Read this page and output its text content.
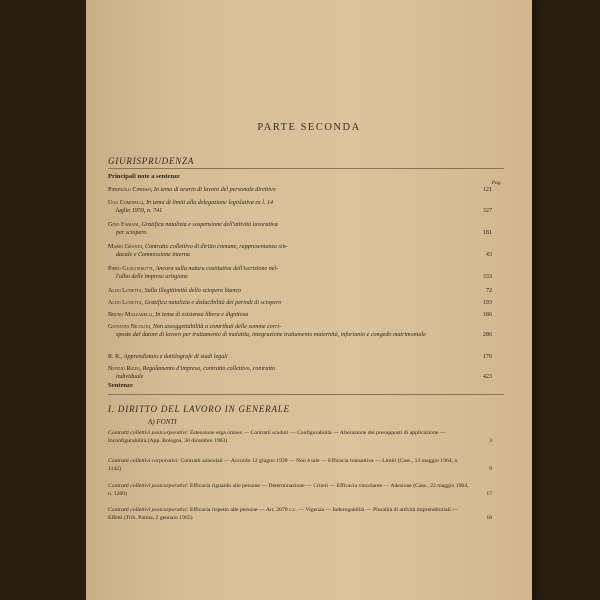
PARTE SECONDA
GIURISPRUDENZA
Principali note a sentenze
Pag.
Pierpaolo Cipressi, In tema di orario di lavoro del personale direttivo	121
Ugo Cominelli, In tema di limiti alla delegazione legislativa ex l. 14
luglio 1959, n. 741	327
Gino Fabiani, Gratifica natalizia e sospensione dell'attività lavorativa
per sciopero	181
Mario Grandi, Contratto collettivo di diritto comune, rappresentanza sin-
dacale e Commissione interna	43
Piero Gualtierotti, Ancora sulla natura costitutiva dell'iscrizione nel-
l'albo delle imprese artigiane	333
Aldo Lunetta, Sulla illegittimità dello sciopero bianco	72
Aldo Lunetta, Gratifica natalizia e deducibilità dei periodi di sciopero	193
Bruno Mazzarelli, In tema di esistenza libera e dignitosa	186
Giovanni Nicolini, Non assoggettabilità a contributi delle somme corri-
sposte dal datore di lavoro per trattamento di malattia, integrazione trattamento maternità, infortunio e congedo matrimoniale	286
R. R., Apprendistato e dattilografe di studi legali	176
Nunzio Rizzo, Regolamento d'impresa, contratto collettivo, contratto
individuale	423
Sentenze
I. DIRITTO DEL LAVORO IN GENERALE
A) FONTI
Contratti collettivi postcorporativi: Estensione erga omnes — Contratti scaduti — Configurabilità — Alterazione dei presupposti di applicazione — Inconfigurabilità (App. Bologna, 30 dicembre 1963)	3
Contratti collettivi corporativi: Contratti aziendali — Accordo 12 giugno 1939 — Non è tale — Efficacia transattiva — Limiti (Cass., 13 maggio 1964, n. 1142)	9
Contratti collettivi postcorporativi: Efficacia riguardo alle persone — Determinazione — Criteri — Efficacia vincolante — Adesione (Cass., 22 maggio 1964, n. 1260)	17
Contratti collettivi postcorporativi: Efficacia rispetto alle persone — Art. 2070 c.c. — Vigenza — Inderogabilità — Pluralità di attività imprenditoriali — Effetti (Trib. Parma, 2 gennaio 1965)	18
